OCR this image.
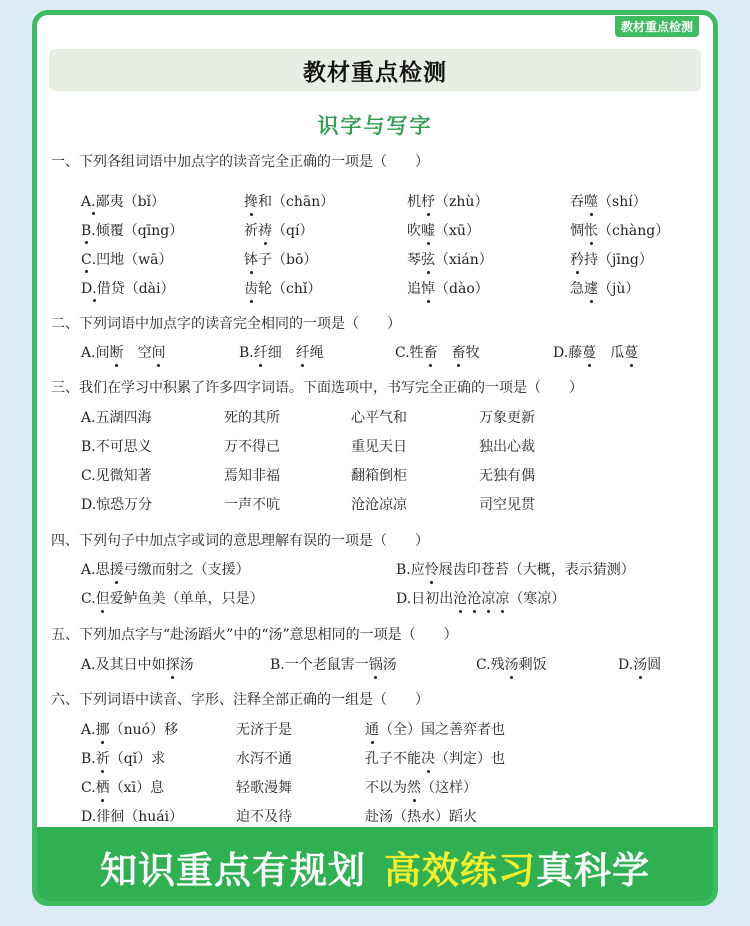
教材重点检测
教材重点检测
识字与写字
一、下列各组词语中加点字的读音完全正确的一项是（　　）
A.鄙夷（bǐ）	搀和（chān）	机杼（zhù）	吞噬（shí）
B.倾覆（qīng）	祈祷（qí）	吹嘘（xū）	惆怅（chàng）
C.凹地（wā）	钵子（bō）	琴弦（xián）	矜持（jīng）
D.借贷（dài）	齿轮（chǐ）	追悼（dào）	急遽（jù）
二、下列词语中加点字的读音完全相同的一项是（　　）
A.间断　 空间	B.纤细　 纤绳	C.牲畜　 畜牧	D.藤蔓　 瓜蔓
三、我们在学习中积累了许多四字词语。下面选项中，书写完全正确的一项是（　　）
A.五湖四海	死的其所	心平气和	万象更新
B.不可思义	万不得已	重见天日	独出心裁
C.见微知著	焉知非福	翻箱倒柜	无独有偶
D.惊恐万分	一声不吭	沧沧凉凉	司空见贯
四、下列句子中加点字或词的意思理解有误的一项是（　　）
A.思援弓缴而射之（支援）	B.应怜屐齿印苍苔（大概，表示猜测）
C.但爱鲈鱼美（单单，只是）	D.日初出沧沧凉凉（寒凉）
五、下列加点字与“赴汤蹈火”中的“汤”意思相同的一项是（　　）
A.及其日中如探汤	B.一个老鼠害一锅汤	C.残汤剩饭	D.汤圆
六、下列词语中读音、字形、注释全部正确的一组是（　　）
A.挪（nuó）移	无济于是	通（全）国之善弈者也
B.祈（qǐ）求	水泻不通	孔子不能决（判定）也
C.栖（xī）息	轻歌漫舞	不以为然（这样）
D.徘徊（huái）	迫不及待	赴汤（热水）蹈火
知识重点有规划 高效练习 真科学
